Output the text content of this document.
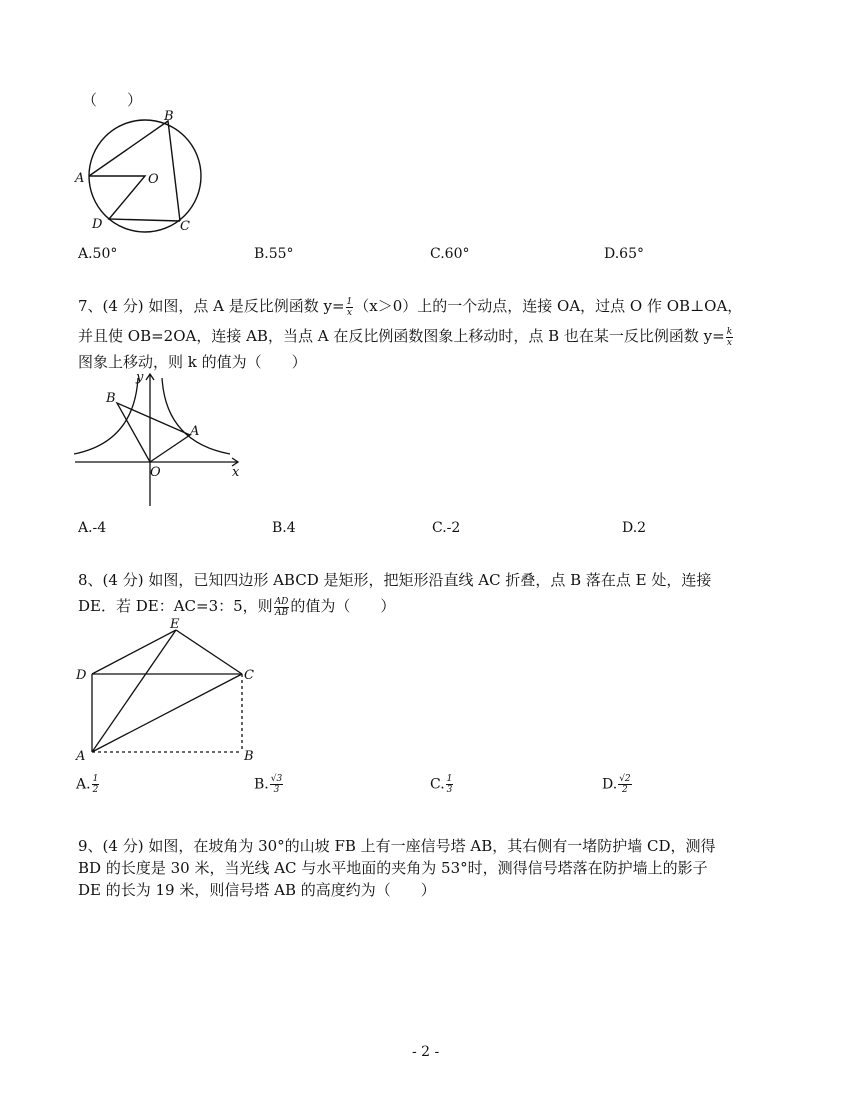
（　　）
A
B
O
D	C
A.50°	B.55°	C.60°	D.65°
7、(4 分) 如图，点 A 是反比例函数 $y= \frac{1}{x} (x>0)$上的一个动点，连接 OA，过点 O 作 OB⊥OA，
并且使 OB=2OA，连接 AB，当点 A 在反比例函数图象上移动时，点 B 也在某一反比例函数 $y= \frac{k}{x}$
图象上移动，则 k 的值为（　　）
y
x
B
A
O
A.-4	B.4	C.-2	D.2
8、(4 分) 如图，已知四边形 ABCD 是矩形，把矩形沿直线 AC 折叠，点 B 落在点 E 处，连接
DE．若 DE：AC=3：5，则 $\frac{AD}{AB}$ 的值为（　　）
E
D	C
A	B
A. $\frac{1}{2}$	B. $\frac{√3}{3}$	C. $\frac{1}{3}$	D. $\frac{√2}{2}$
9、(4 分) 如图，在坡角为 30°的山坡 FB 上有一座信号塔 AB，其右侧有一堵防护墙 CD，测得
BD 的长度是 30 米，当光线 AC 与水平地面的夹角为 53°时，测得信号塔落在防护墙上的影子
DE 的长为 19 米，则信号塔 AB 的高度约为（　　）
- 2 -
